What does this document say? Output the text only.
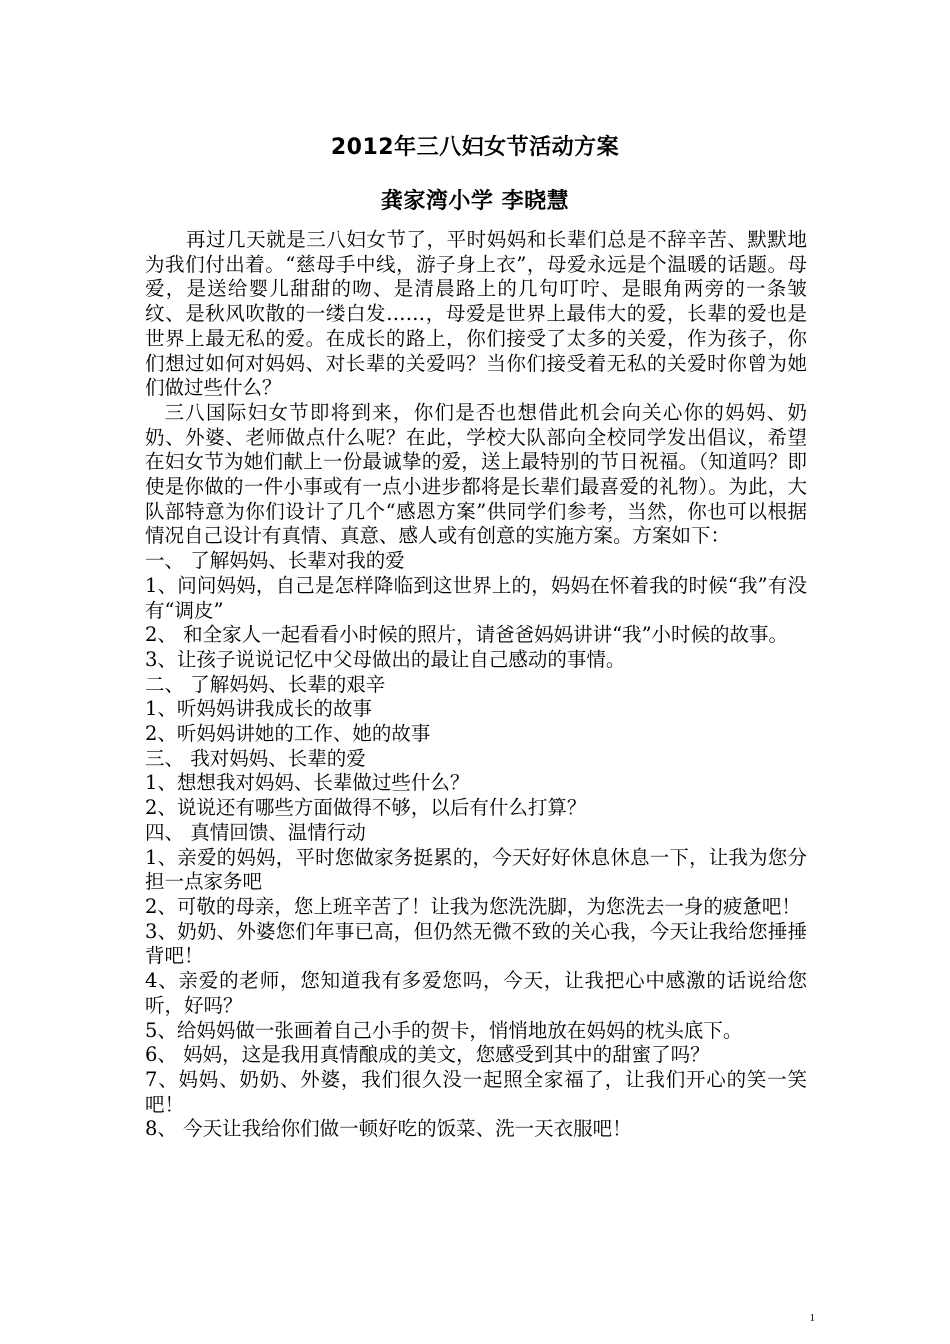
2012年三八妇女节活动方案
龚家湾小学 李晓慧

再过几天就是三八妇女节了，平时妈妈和长辈们总是不辞辛苦、默默地为我们付出着。“慈母手中线，游子身上衣”，母爱永远是个温暖的话题。母爱，是送给婴儿甜甜的吻、是清晨路上的几句叮咛、是眼角两旁的一条皱纹、是秋风吹散的一缕白发……，母爱是世界上最伟大的爱，长辈的爱也是世界上最无私的爱。在成长的路上，你们接受了太多的关爱，作为孩子，你们想过如何对妈妈、对长辈的关爱吗？当你们接受着无私的关爱时你曾为她们做过些什么？

三八国际妇女节即将到来，你们是否也想借此机会向关心你的妈妈、奶奶、外婆、老师做点什么呢？在此，学校大队部向全校同学发出倡议，希望在妇女节为她们献上一份最诚挚的爱，送上最特别的节日祝福。（知道吗？即使是你做的一件小事或有一点小进步都将是长辈们最喜爱的礼物）。为此，大队部特意为你们设计了几个“感恩方案”供同学们参考，当然，你也可以根据情况自己设计有真情、真意、感人或有创意的实施方案。方案如下：

一、 了解妈妈、长辈对我的爱

1、问问妈妈，自己是怎样降临到这世界上的，妈妈在怀着我的时候“我”有没有“调皮”

2、 和全家人一起看看小时候的照片，请爸爸妈妈讲讲“我”小时候的故事。

3、让孩子说说记忆中父母做出的最让自己感动的事情。

二、 了解妈妈、长辈的艰辛

1、听妈妈讲我成长的故事

2、听妈妈讲她的工作、她的故事

三、 我对妈妈、长辈的爱

1、想想我对妈妈、长辈做过些什么？

2、说说还有哪些方面做得不够，以后有什么打算？

四、 真情回馈、温情行动

1、亲爱的妈妈，平时您做家务挺累的，今天好好休息休息一下，让我为您分担一点家务吧

2、可敬的母亲，您上班辛苦了！让我为您洗洗脚，为您洗去一身的疲惫吧！

3、奶奶、外婆您们年事已高，但仍然无微不致的关心我，今天让我给您捶捶背吧！

4、亲爱的老师，您知道我有多爱您吗，今天，让我把心中感激的话说给您听，好吗？

5、给妈妈做一张画着自己小手的贺卡，悄悄地放在妈妈的枕头底下。

6、 妈妈，这是我用真情酿成的美文，您感受到其中的甜蜜了吗？

7、妈妈、奶奶、外婆，我们很久没一起照全家福了，让我们开心的笑一笑吧！

8、 今天让我给你们做一顿好吃的饭菜、洗一天衣服吧！

1
